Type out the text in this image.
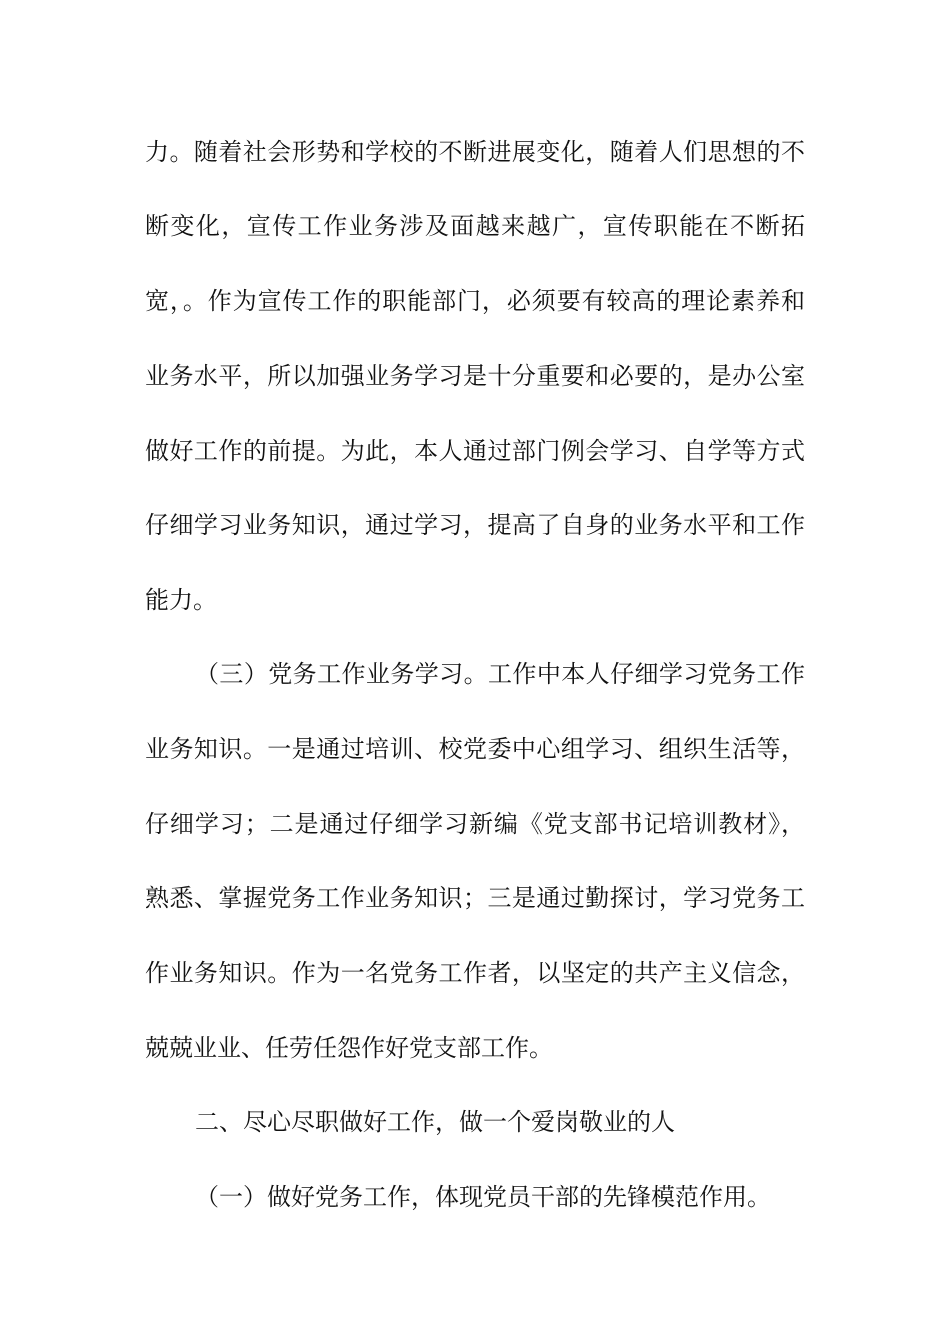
力。随着社会形势和学校的不断进展变化，随着人们思想的不
断变化，宣传工作业务涉及面越来越广，宣传职能在不断拓
宽，。作为宣传工作的职能部门，必须要有较高的理论素养和
业务水平，所以加强业务学习是十分重要和必要的，是办公室
做好工作的前提。为此，本人通过部门例会学习、自学等方式
仔细学习业务知识，通过学习，提高了自身的业务水平和工作
能力。
（三）党务工作业务学习。工作中本人仔细学习党务工作
业务知识。一是通过培训、校党委中心组学习、组织生活等，
仔细学习；二是通过仔细学习新编《党支部书记培训教材》，
熟悉、掌握党务工作业务知识；三是通过勤探讨，学习党务工
作业务知识。作为一名党务工作者，以坚定的共产主义信念，
兢兢业业、任劳任怨作好党支部工作。
二、尽心尽职做好工作，做一个爱岗敬业的人
（一）做好党务工作，体现党员干部的先锋模范作用。
